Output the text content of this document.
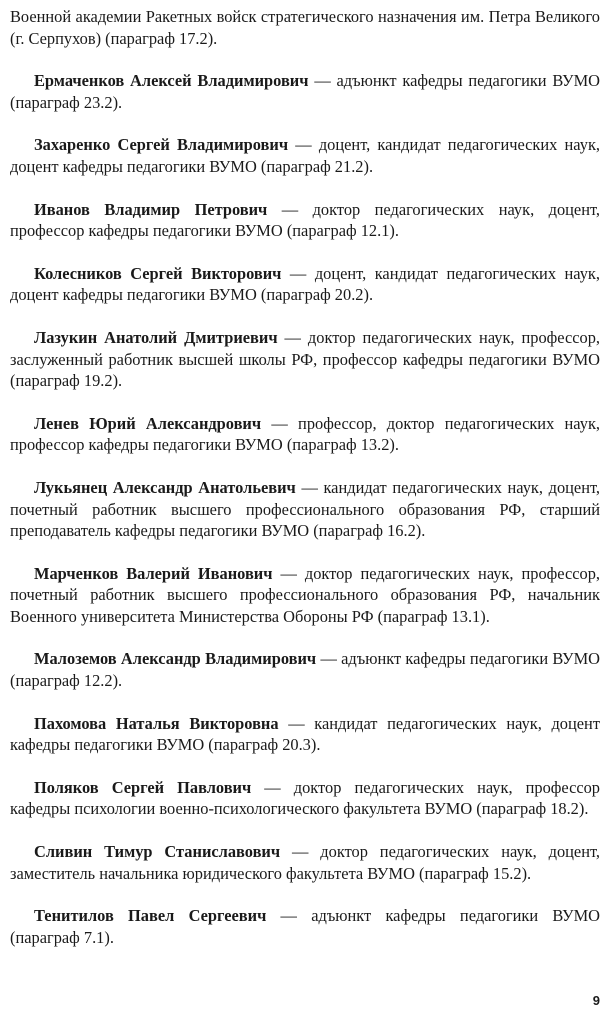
Военной академии Ракетных войск стратегического назначения им. Петра Великого (г. Серпухов) (параграф 17.2).

Ермаченков Алексей Владимирович — адъюнкт кафедры педагогики ВУМО (параграф 23.2).

Захаренко Сергей Владимирович — доцент, кандидат педагогических наук, доцент кафедры педагогики ВУМО (параграф 21.2).

Иванов Владимир Петрович — доктор педагогических наук, доцент, профессор кафедры педагогики ВУМО (параграф 12.1).

Колесников Сергей Викторович — доцент, кандидат педагогических наук, доцент кафедры педагогики ВУМО (параграф 20.2).

Лазукин Анатолий Дмитриевич — доктор педагогических наук, профессор, заслуженный работник высшей школы РФ, профессор кафедры педагогики ВУМО (параграф 19.2).

Ленев Юрий Александрович — профессор, доктор педагогических наук, профессор кафедры педагогики ВУМО (параграф 13.2).

Лукьянец Александр Анатольевич — кандидат педагогических наук, доцент, почетный работник высшего профессионального образования РФ, старший преподаватель кафедры педагогики ВУМО (параграф 16.2).

Марченков Валерий Иванович — доктор педагогических наук, профессор, почетный работник высшего профессионального образования РФ, начальник Военного университета Министерства Обороны РФ (параграф 13.1).

Малоземов Александр Владимирович — адъюнкт кафедры педагогики ВУМО (параграф 12.2).

Пахомова Наталья Викторовна — кандидат педагогических наук, доцент кафедры педагогики ВУМО (параграф 20.3).

Поляков Сергей Павлович — доктор педагогических наук, профессор кафедры психологии военно-психологического факультета ВУМО (параграф 18.2).

Сливин Тимур Станиславович — доктор педагогических наук, доцент, заместитель начальника юридического факультета ВУМО (параграф 15.2).

Тенитилов Павел Сергеевич — адъюнкт кафедры педагогики ВУМО (параграф 7.1).

9
